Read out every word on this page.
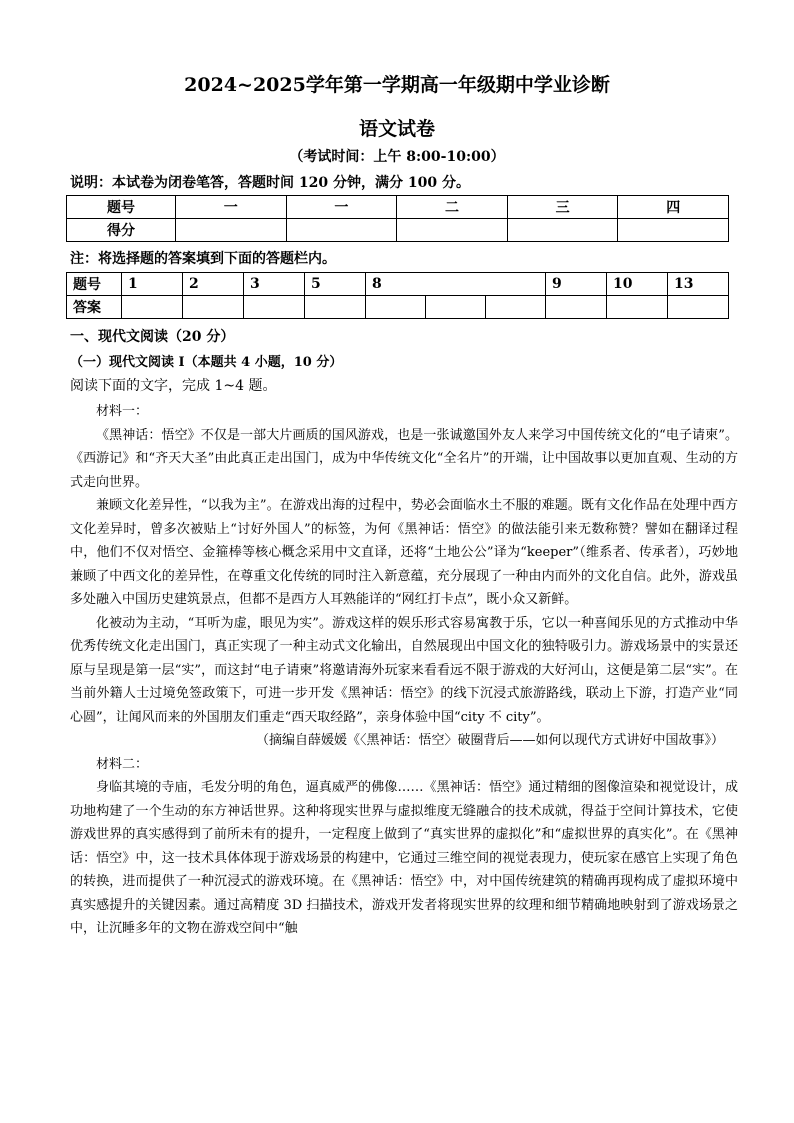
2024~2025学年第一学期高一年级期中学业诊断
语文试卷
（考试时间：上午 8:00-10:00）
说明：本试卷为闭卷笔答，答题时间 120 分钟，满分 100 分。
题号	一	一	二	三	四
得分					
注：将选择题的答案填到下面的答题栏内。
题号	1	2	3	5	8			9	10	13
答案										
一、现代文阅读（20 分）
（一）现代文阅读 I（本题共 4 小题，10 分）
阅读下面的文字，完成 1~4 题。

材料一：

《黑神话：悟空》不仅是一部大片画质的国风游戏，也是一张诚邀国外友人来学习中国传统文化的“电子请柬”。《西游记》和“齐天大圣”由此真正走出国门，成为中华传统文化“全名片”的开端，让中国故事以更加直观、生动的方式走向世界。

兼顾文化差异性，“以我为主”。在游戏出海的过程中，势必会面临水土不服的难题。既有文化作品在处理中西方文化差异时，曾多次被贴上“讨好外国人”的标签，为何《黑神话：悟空》的做法能引来无数称赞？譬如在翻译过程中，他们不仅对悟空、金箍棒等核心概念采用中文直译，还将“土地公公”译为“keeper”（维系者、传承者），巧妙地兼顾了中西文化的差异性，在尊重文化传统的同时注入新意蕴，充分展现了一种由内而外的文化自信。此外，游戏虽多处融入中国历史建筑景点，但都不是西方人耳熟能详的“网红打卡点”，既小众又新鲜。

化被动为主动，“耳听为虚，眼见为实”。游戏这样的娱乐形式容易寓教于乐，它以一种喜闻乐见的方式推动中华优秀传统文化走出国门，真正实现了一种主动式文化输出，自然展现出中国文化的独特吸引力。游戏场景中的实景还原与呈现是第一层“实”，而这封“电子请柬”将邀请海外玩家来看看远不限于游戏的大好河山，这便是第二层“实”。在当前外籍人士过境免签政策下，可进一步开发《黑神话：悟空》的线下沉浸式旅游路线，联动上下游，打造产业“同心圆”，让闻风而来的外国朋友们重走“西天取经路”，亲身体验中国“city 不 city”。

（摘编自薛媛媛《〈黑神话：悟空〉破圈背后——如何以现代方式讲好中国故事》）

材料二：

身临其境的寺庙，毛发分明的角色，逼真威严的佛像……《黑神话：悟空》通过精细的图像渲染和视觉设计，成功地构建了一个生动的东方神话世界。这种将现实世界与虚拟维度无缝融合的技术成就，得益于空间计算技术，它使游戏世界的真实感得到了前所未有的提升，一定程度上做到了“真实世界的虚拟化”和“虚拟世界的真实化”。在《黑神话：悟空》中，这一技术具体体现于游戏场景的构建中，它通过三维空间的视觉表现力，使玩家在感官上实现了角色的转换，进而提供了一种沉浸式的游戏环境。在《黑神话：悟空》中，对中国传统建筑的精确再现构成了虚拟环境中真实感提升的关键因素。通过高精度 3D 扫描技术，游戏开发者将现实世界的纹理和细节精确地映射到了游戏场景之中，让沉睡多年的文物在游戏空间中“触
